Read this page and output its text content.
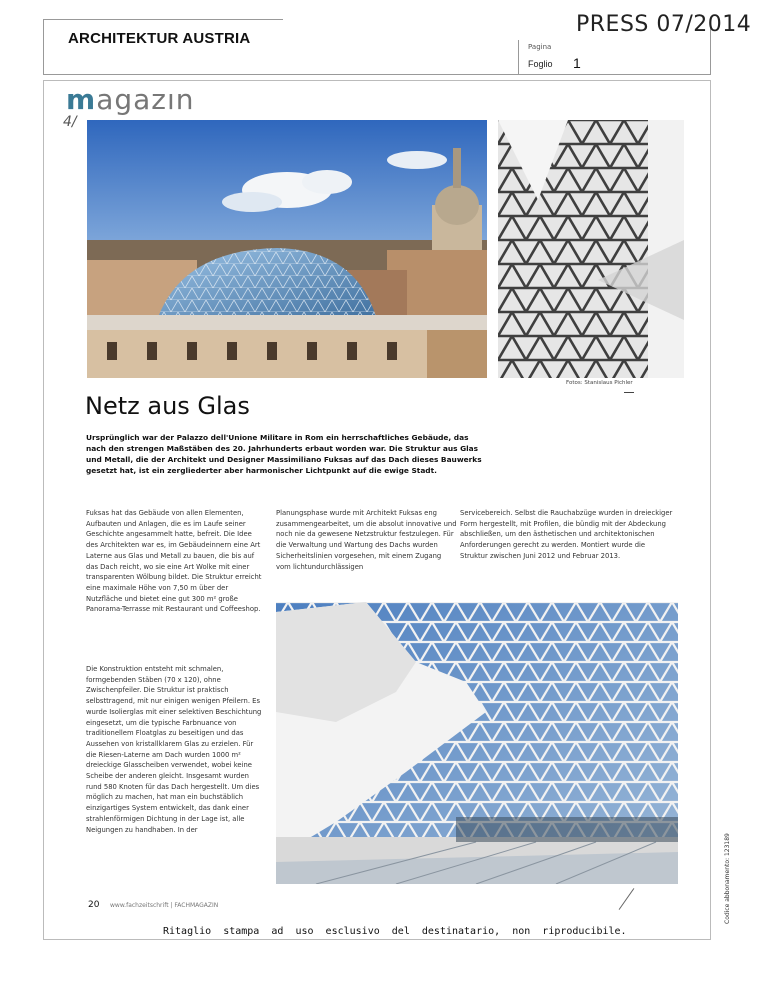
ARCHITEKTUR AUSTRIA
PRESS 07/2014
Pagina
Foglio 1
magazın
4/
Fotos: Stanislaus Pichler
Netz aus Glas
Ursprünglich war der Palazzo dell'Unione Militare in Rom ein herrschaftliches Gebäude, das nach den strengen Maßstäben des 20. Jahrhunderts erbaut worden war. Die Struktur aus Glas und Metall, die der Architekt und Designer Massimiliano Fuksas auf das Dach dieses Bauwerks gesetzt hat, ist ein zergliederter aber harmonischer Lichtpunkt auf die ewige Stadt.
Fuksas hat das Gebäude von allen Elementen, Aufbauten und Anlagen, die es im Laufe seiner Geschichte angesammelt hatte, befreit. Die Idee des Architekten war es, im Gebäudeinnern eine Art Laterne aus Glas und Metall zu bauen, die bis auf das Dach reicht, wo sie eine Art Wolke mit einer transparenten Wölbung bildet. Die Struktur erreicht eine maximale Höhe von 7,50 m über der Nutzfläche und bietet eine gut 300 m² große Panorama-Terrasse mit Restaurant und Coffeeshop.
Die Konstruktion entsteht mit schmalen, formgebenden Stäben (70 x 120), ohne Zwischenpfeiler. Die Struktur ist praktisch selbsttragend, mit nur einigen wenigen Pfeilern. Es wurde Isolierglas mit einer selektiven Beschichtung eingesetzt, um die typische Farbnuance von traditionellem Floatglas zu beseitigen und das Aussehen von kristallklarem Glas zu erzielen. Für die Riesen-Laterne am Dach wurden 1000 m² dreieckige Glasscheiben verwendet, wobei keine Scheibe der anderen gleicht. Insgesamt wurden rund 580 Knoten für das Dach hergestellt. Um dies möglich zu machen, hat man ein buchstäblich einzigartiges System entwickelt, das dank einer strahlenförmigen Dichtung in der Lage ist, alle Neigungen zu handhaben. In der
Planungsphase wurde mit Architekt Fuksas eng zusammengearbeitet, um die absolut innovative und noch nie da gewesene Netzstruktur festzulegen. Für die Verwaltung und Wartung des Dachs wurden Sicherheitslinien vorgesehen, mit einem Zugang vom lichtundurchlässigen
Servicebereich. Selbst die Rauchabzüge wurden in dreieckiger Form hergestellt, mit Profilen, die bündig mit der Abdeckung abschließen, um den ästhetischen und architektonischen Anforderungen gerecht zu werden. Montiert wurde die Struktur zwischen Juni 2012 und Februar 2013.
20 www.fachzeitschrift | FACHMAGAZIN
Ritaglio  stampa  ad  uso  esclusivo  del  destinatario,  non  riproducibile.
Codice abbonamento: 123189
